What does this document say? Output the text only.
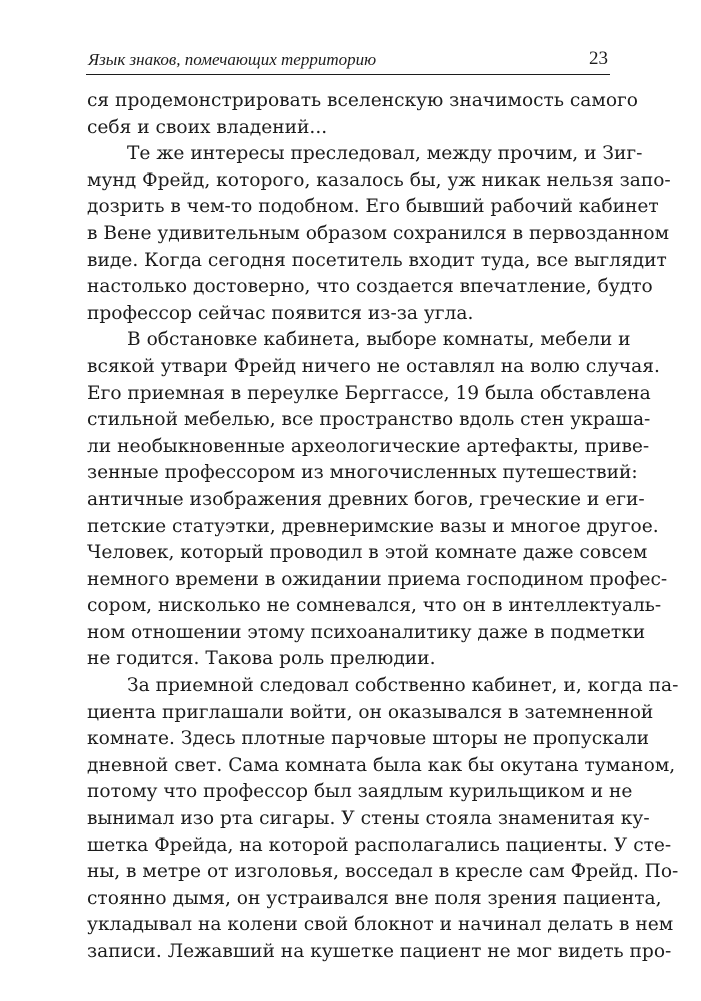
Язык знаков, помечающих территорию	23
ся продемонстрировать вселенскую значимость самого
себя и своих владений...
Те же интересы преследовал, между прочим, и Зиг-
мунд Фрейд, которого, казалось бы, уж никак нельзя запо-
дозрить в чем-то подобном. Его бывший рабочий кабинет
в Вене удивительным образом сохранился в первозданном
виде. Когда сегодня посетитель входит туда, все выглядит
настолько достоверно, что создается впечатление, будто
профессор сейчас появится из-за угла.
В обстановке кабинета, выборе комнаты, мебели и
всякой утвари Фрейд ничего не оставлял на волю случая.
Его приемная в переулке Берггассе, 19 была обставлена
стильной мебелью, все пространство вдоль стен украша-
ли необыкновенные археологические артефакты, приве-
зенные профессором из многочисленных путешествий:
античные изображения древних богов, греческие и еги-
петские статуэтки, древнеримские вазы и многое другое.
Человек, который проводил в этой комнате даже совсем
немного времени в ожидании приема господином профес-
сором, нисколько не сомневался, что он в интеллектуаль-
ном отношении этому психоаналитику даже в подметки
не годится. Такова роль прелюдии.
За приемной следовал собственно кабинет, и, когда па-
циента приглашали войти, он оказывался в затемненной
комнате. Здесь плотные парчовые шторы не пропускали
дневной свет. Сама комната была как бы окутана туманом,
потому что профессор был заядлым курильщиком и не
вынимал изо рта сигары. У стены стояла знаменитая ку-
шетка Фрейда, на которой располагались пациенты. У сте-
ны, в метре от изголовья, восседал в кресле сам Фрейд. По-
стоянно дымя, он устраивался вне поля зрения пациента,
укладывал на колени свой блокнот и начинал делать в нем
записи. Лежавший на кушетке пациент не мог видеть про-
